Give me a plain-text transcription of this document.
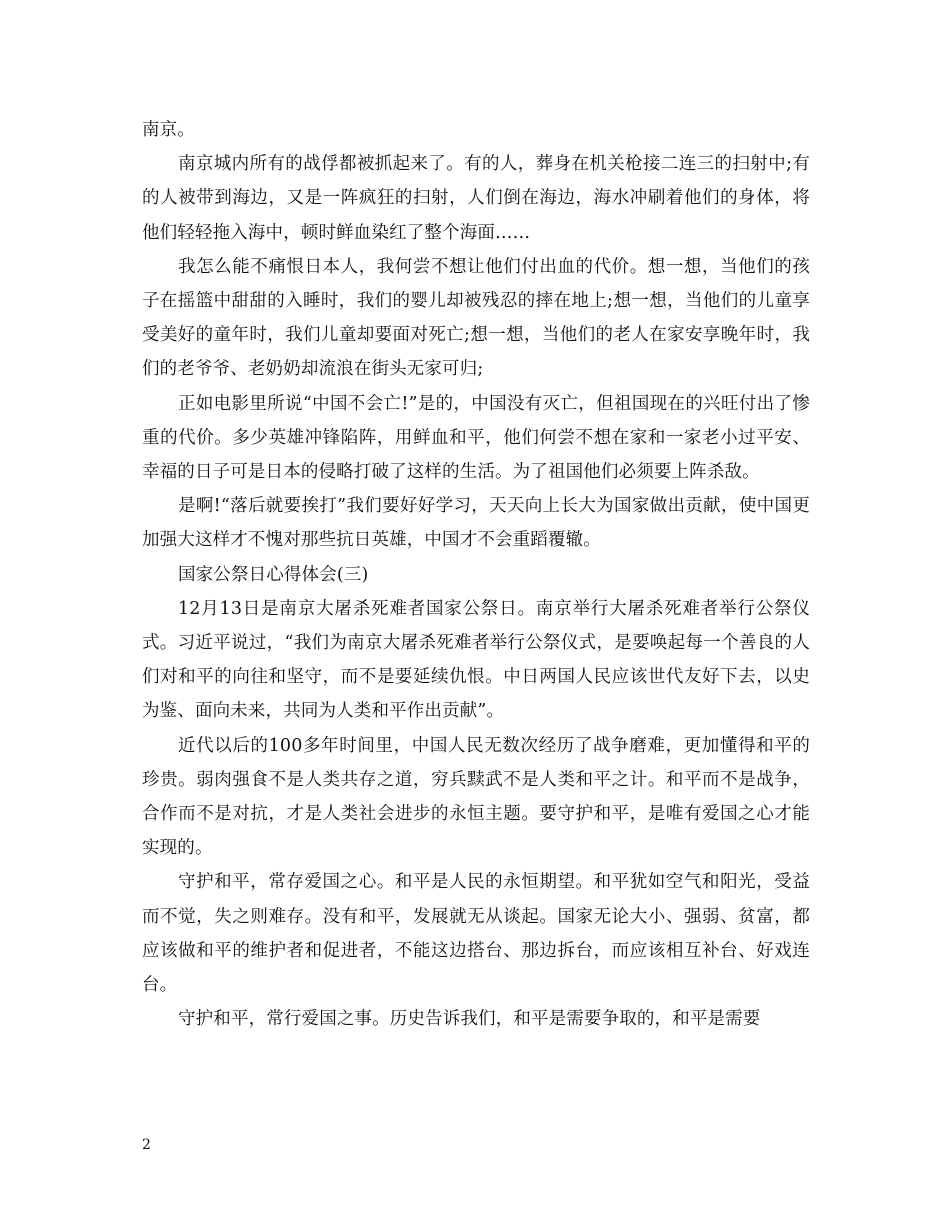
南京。

南京城内所有的战俘都被抓起来了。有的人，葬身在机关枪接二连三的扫射中;有的人被带到海边，又是一阵疯狂的扫射，人们倒在海边，海水冲刷着他们的身体，将他们轻轻拖入海中，顿时鲜血染红了整个海面……

我怎么能不痛恨日本人，我何尝不想让他们付出血的代价。想一想，当他们的孩子在摇篮中甜甜的入睡时，我们的婴儿却被残忍的摔在地上;想一想，当他们的儿童享受美好的童年时，我们儿童却要面对死亡;想一想，当他们的老人在家安享晚年时，我们的老爷爷、老奶奶却流浪在街头无家可归;

正如电影里所说“中国不会亡!”是的，中国没有灭亡，但祖国现在的兴旺付出了惨重的代价。多少英雄冲锋陷阵，用鲜血和平，他们何尝不想在家和一家老小过平安、幸福的日子可是日本的侵略打破了这样的生活。为了祖国他们必须要上阵杀敌。

是啊!“落后就要挨打”我们要好好学习，天天向上长大为国家做出贡献，使中国更加强大这样才不愧对那些抗日英雄，中国才不会重蹈覆辙。

国家公祭日心得体会(三)

12月13日是南京大屠杀死难者国家公祭日。南京举行大屠杀死难者举行公祭仪式。习近平说过，“我们为南京大屠杀死难者举行公祭仪式，是要唤起每一个善良的人们对和平的向往和坚守，而不是要延续仇恨。中日两国人民应该世代友好下去，以史为鉴、面向未来，共同为人类和平作出贡献”。

近代以后的100多年时间里，中国人民无数次经历了战争磨难，更加懂得和平的珍贵。弱肉强食不是人类共存之道，穷兵黩武不是人类和平之计。和平而不是战争，合作而不是对抗，才是人类社会进步的永恒主题。要守护和平，是唯有爱国之心才能实现的。

守护和平，常存爱国之心。和平是人民的永恒期望。和平犹如空气和阳光，受益而不觉，失之则难存。没有和平，发展就无从谈起。国家无论大小、强弱、贫富，都应该做和平的维护者和促进者，不能这边搭台、那边拆台，而应该相互补台、好戏连台。

守护和平，常行爱国之事。历史告诉我们，和平是需要争取的，和平是需要

2
